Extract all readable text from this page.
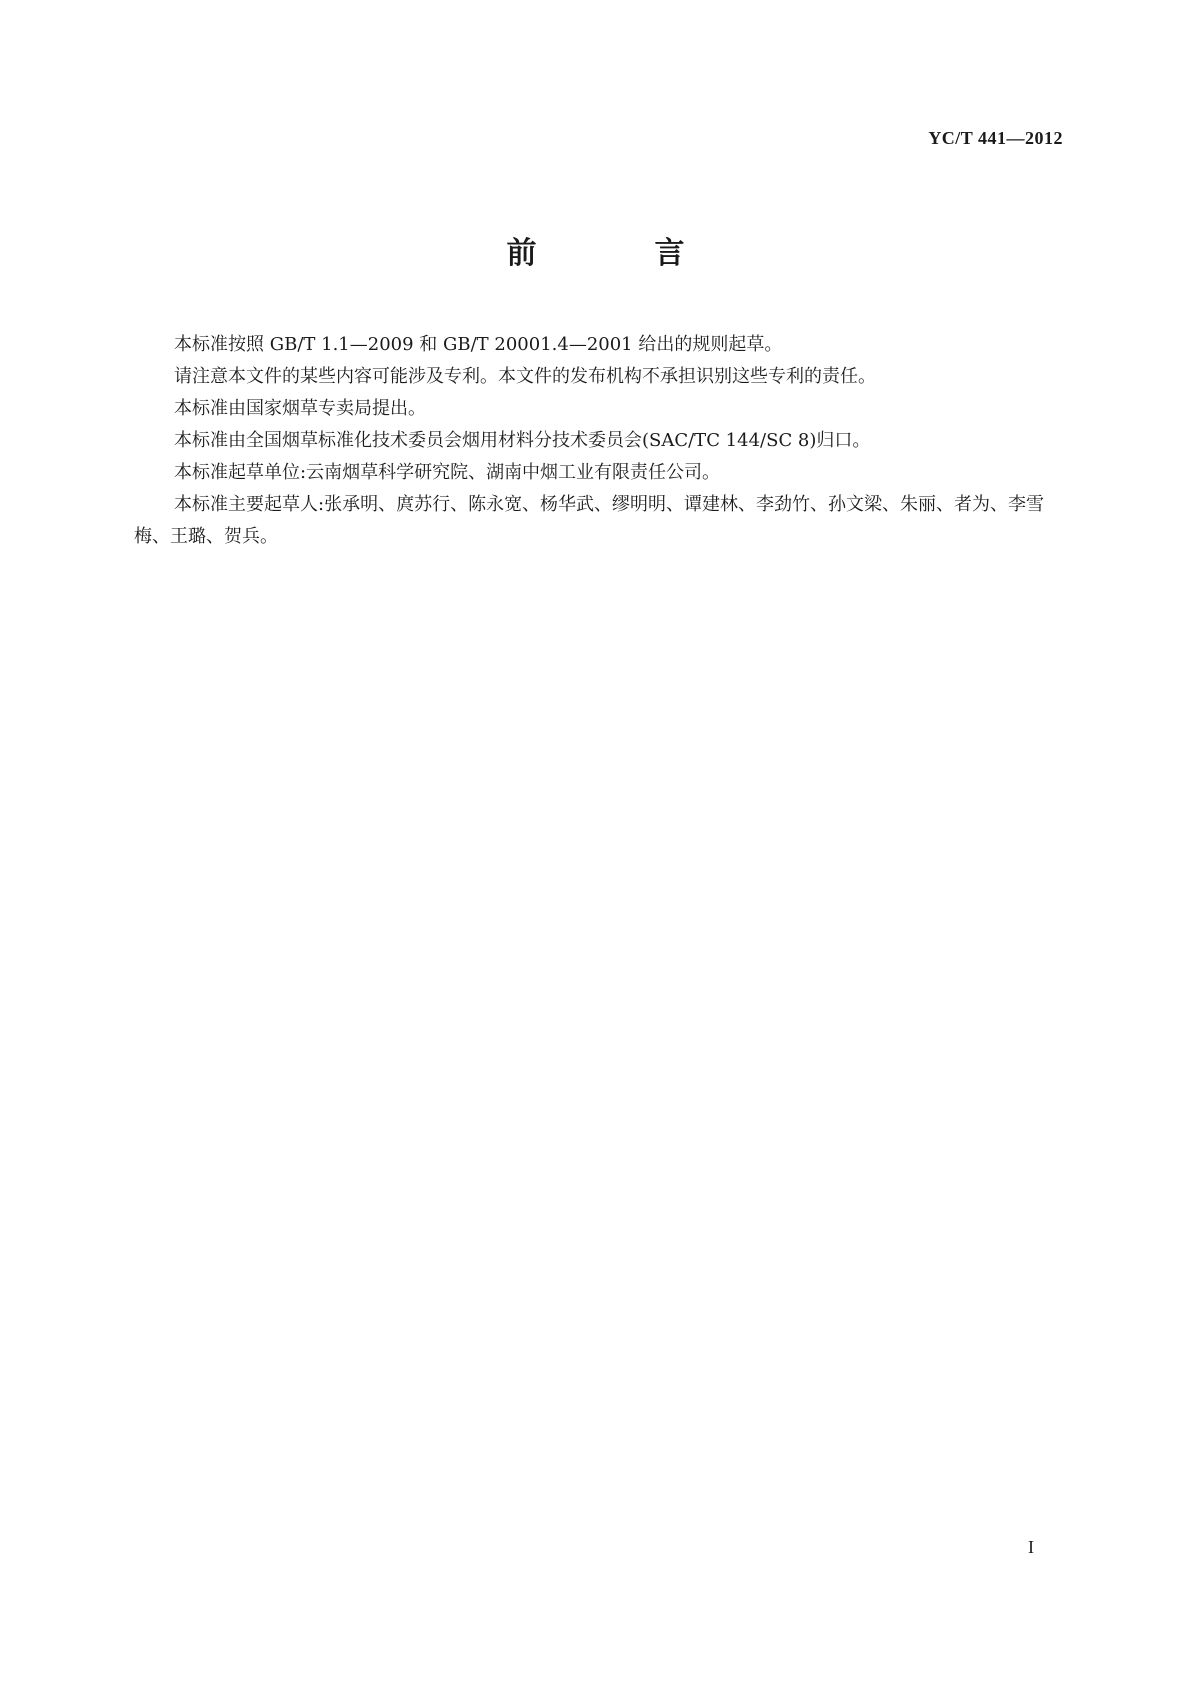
YC/T 441—2012
前　言

本标准按照 GB/T 1.1—2009 和 GB/T 20001.4—2001 给出的规则起草。

请注意本文件的某些内容可能涉及专利。本文件的发布机构不承担识别这些专利的责任。

本标准由国家烟草专卖局提出。

本标准由全国烟草标准化技术委员会烟用材料分技术委员会(SAC/TC 144/SC 8)归口。

本标准起草单位:云南烟草科学研究院、湖南中烟工业有限责任公司。

本标准主要起草人:张承明、庹苏行、陈永宽、杨华武、缪明明、谭建林、李劲竹、孙文梁、朱丽、者为、李雪梅、王璐、贺兵。

I
